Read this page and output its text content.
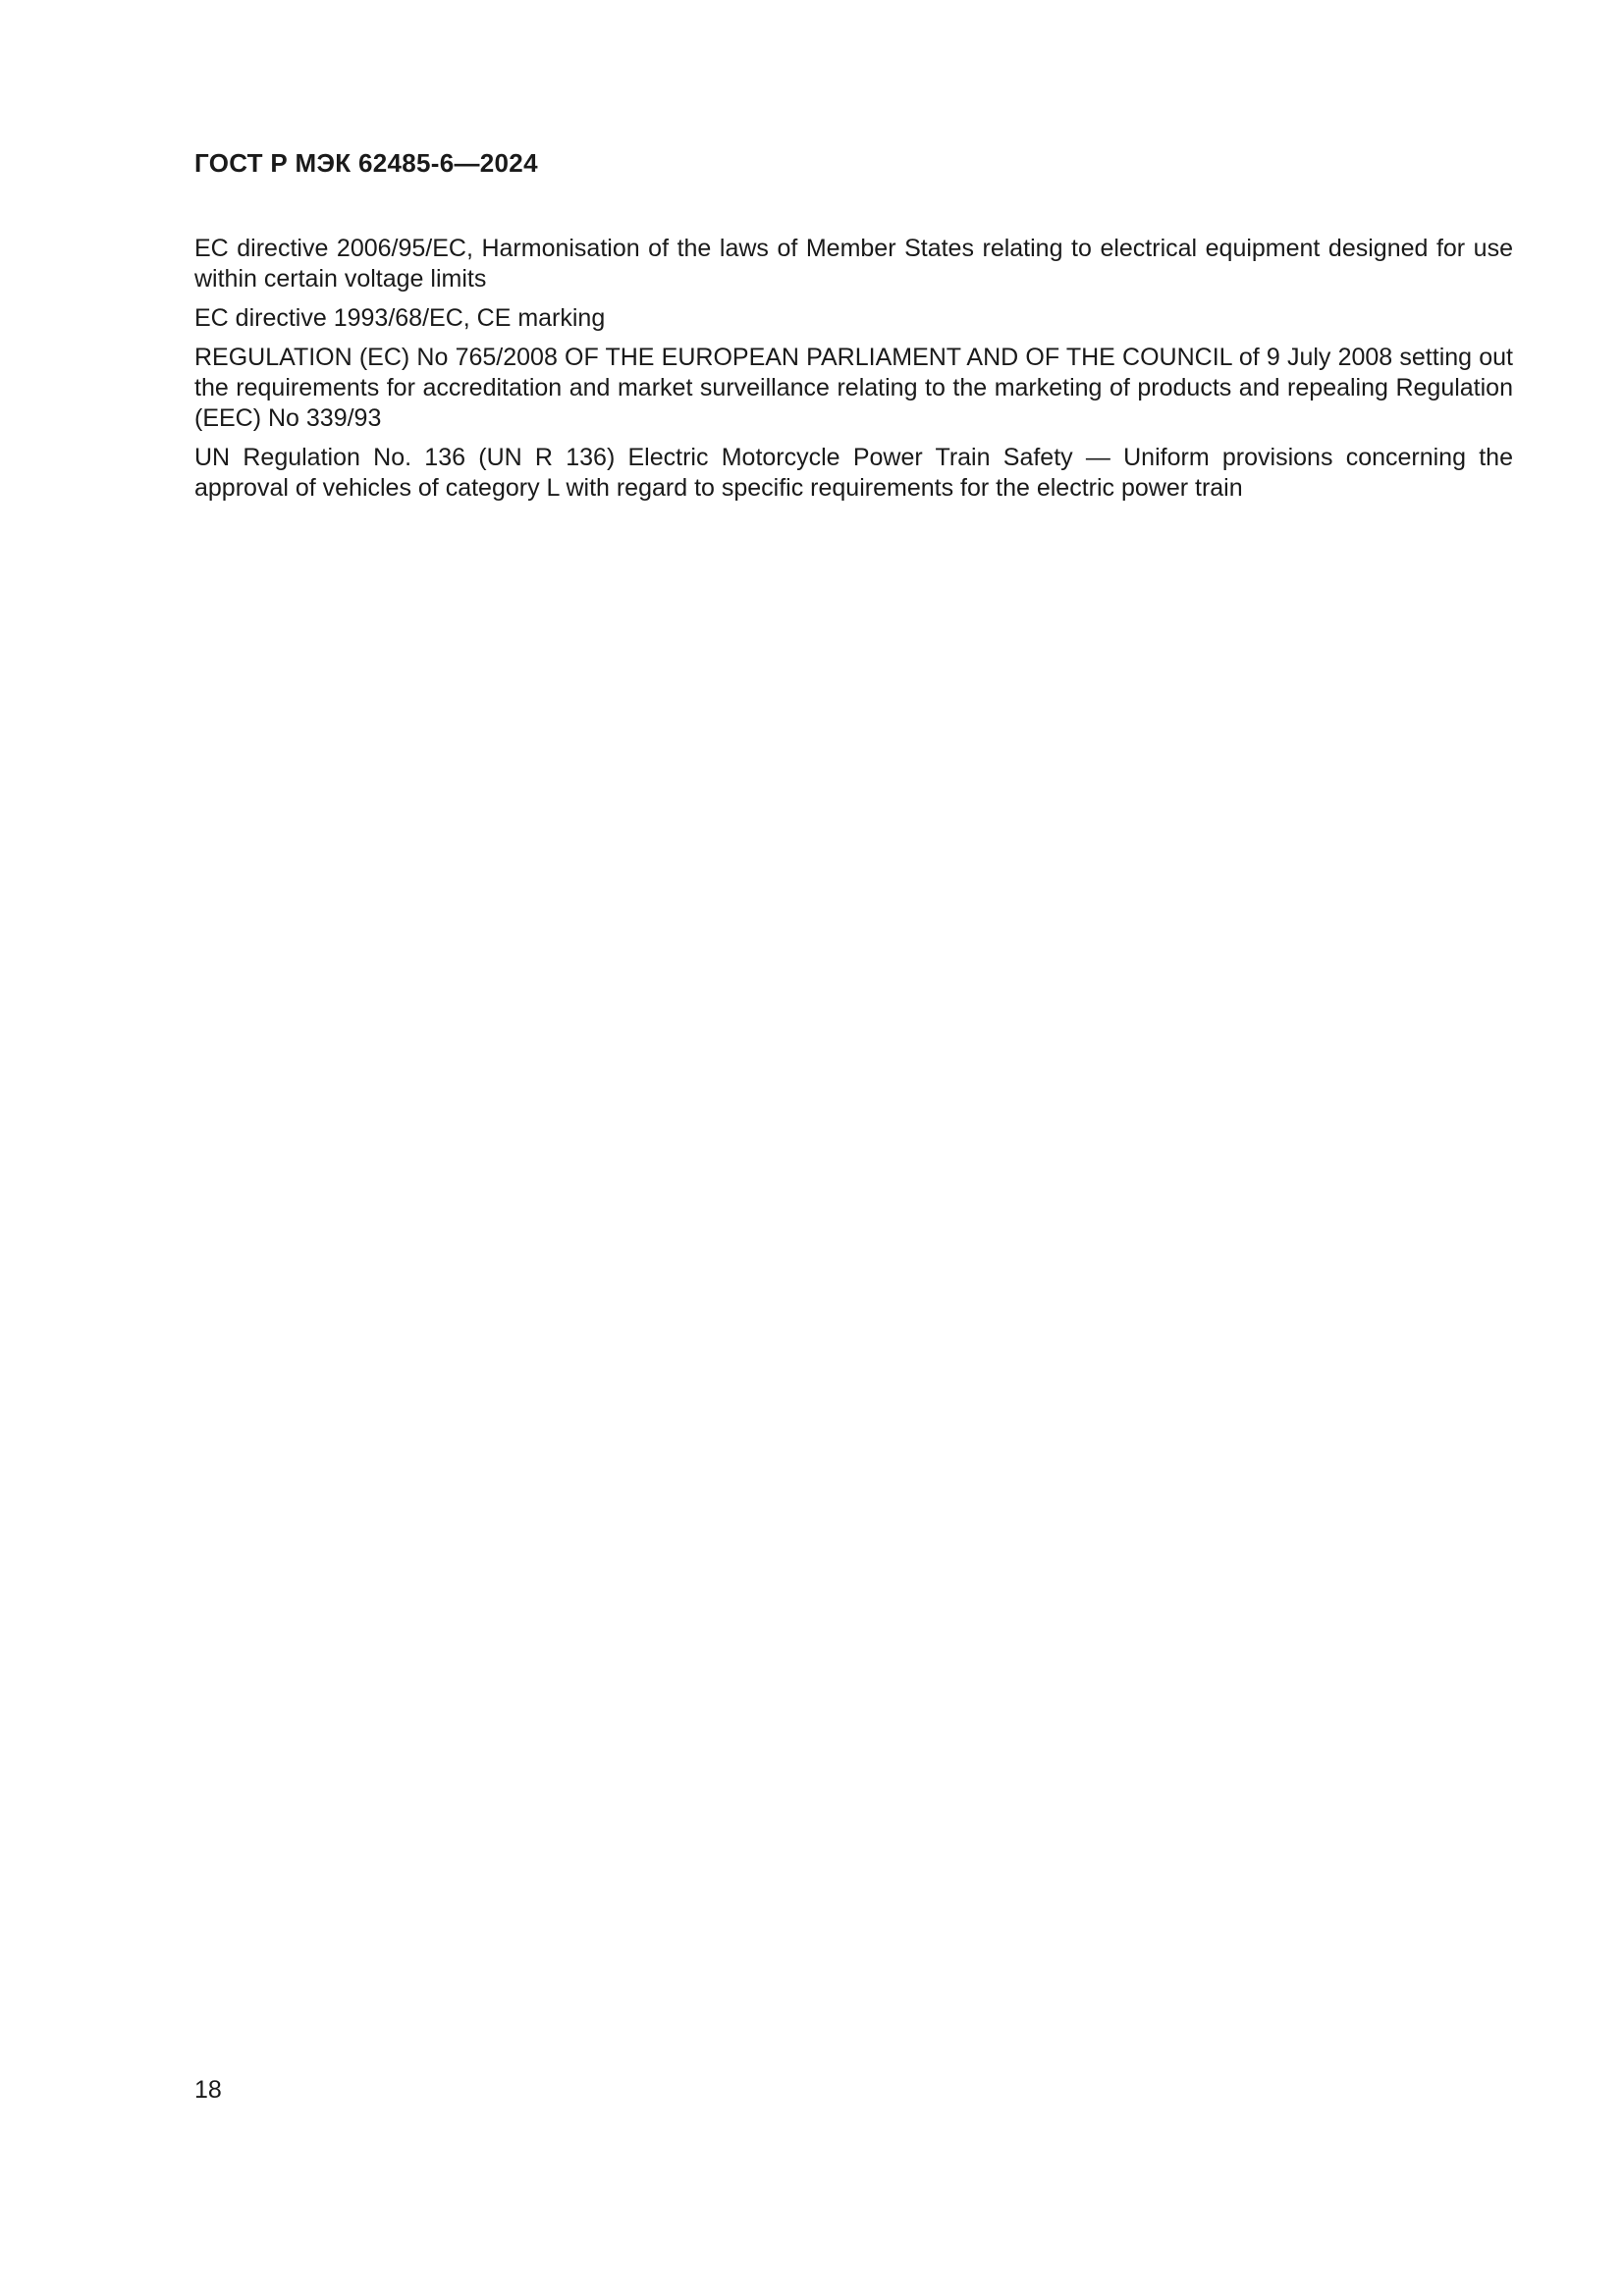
ГОСТ Р МЭК 62485-6—2024

EC directive 2006/95/EC, Harmonisation of the laws of Member States relating to electrical equipment designed for use within certain voltage limits

EC directive 1993/68/EC, CE marking

REGULATION (EC) No 765/2008 OF THE EUROPEAN PARLIAMENT AND OF THE COUNCIL of 9 July 2008 setting out the requirements for accreditation and market surveillance relating to the marketing of products and repealing Regulation (EEC) No 339/93

UN Regulation No. 136 (UN R 136) Electric Motorcycle Power Train Safety — Uniform provisions concerning the approval of vehicles of category L with regard to specific requirements for the electric power train

18
